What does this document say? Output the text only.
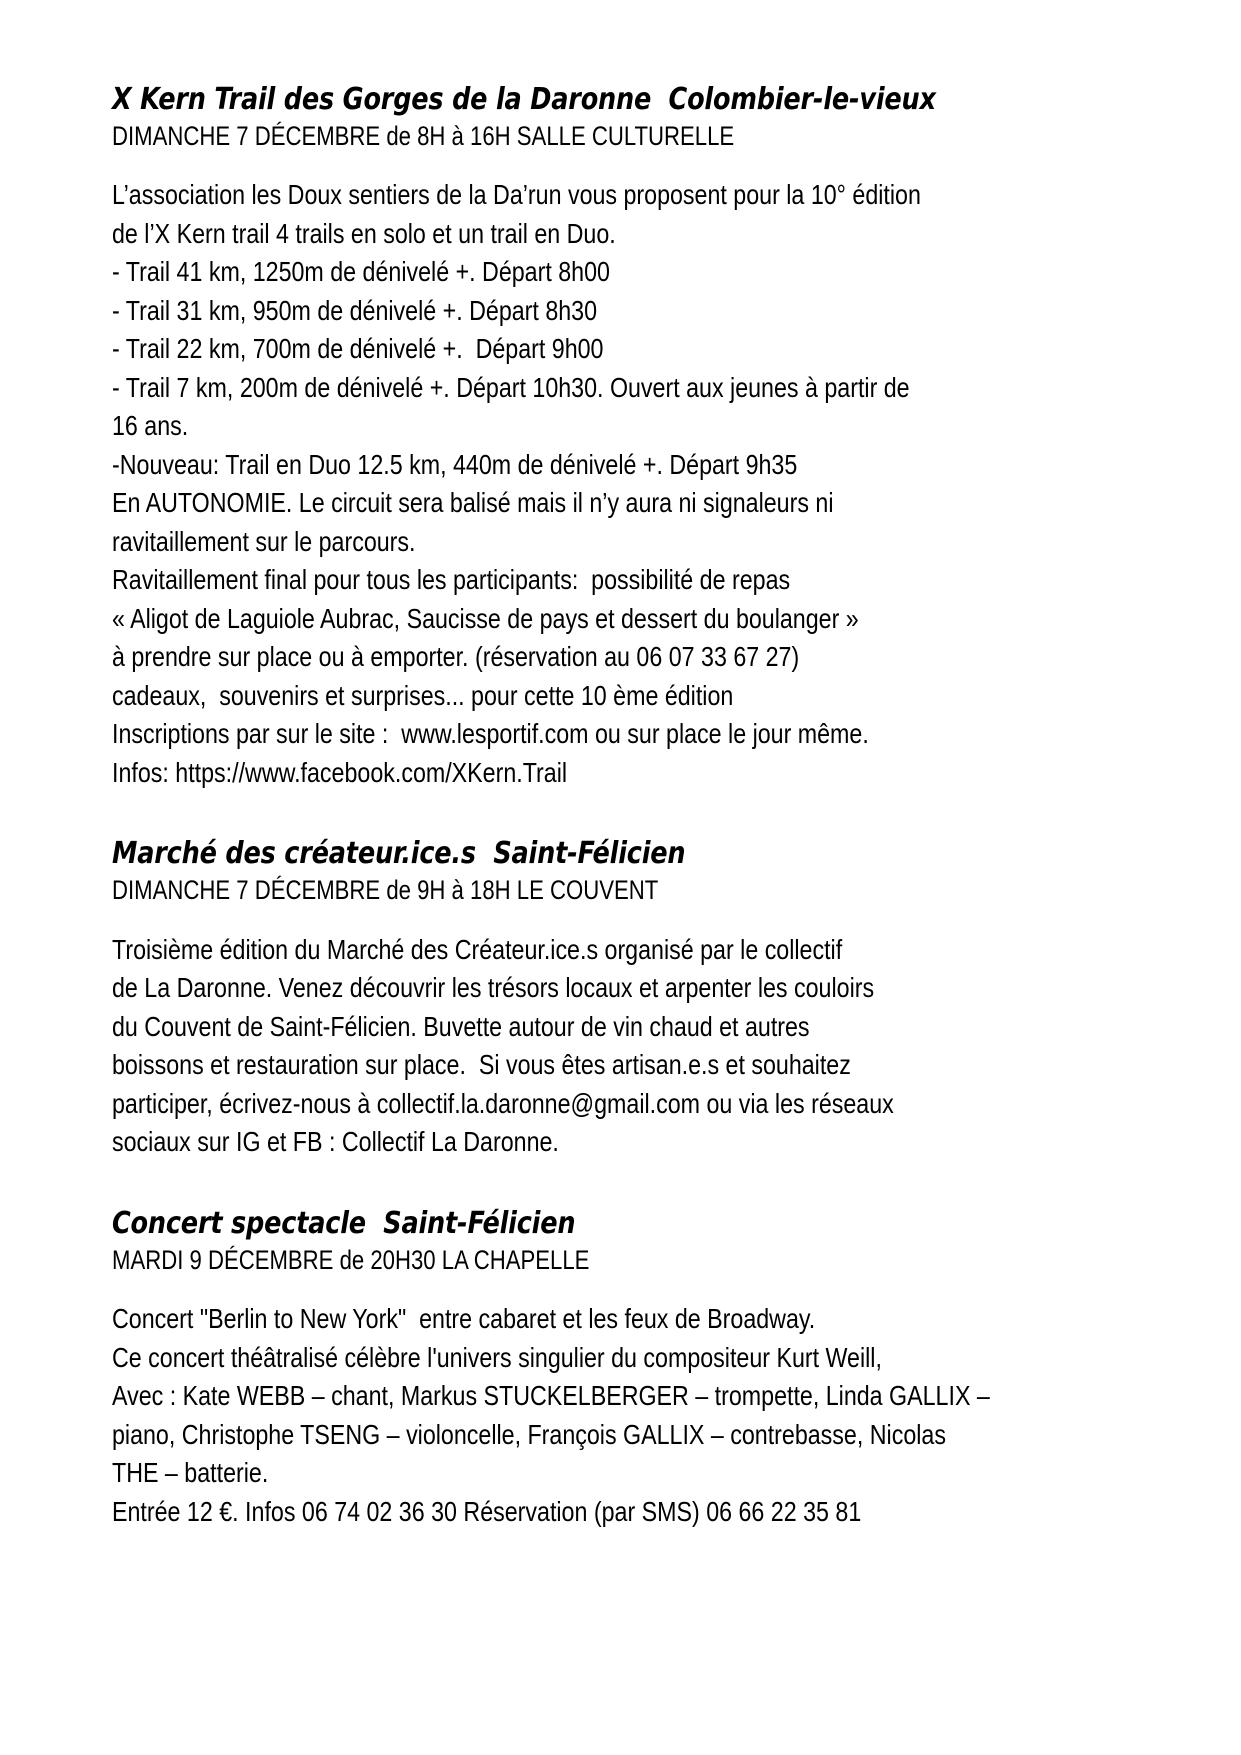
X Kern Trail des Gorges de la Daronne  Colombier-le-vieux
DIMANCHE 7 DÉCEMBRE de 8H à 16H SALLE CULTURELLE

L’association les Doux sentiers de la Da’run vous proposent pour la 10° édition

de l’X Kern trail 4 trails en solo et un trail en Duo.

- Trail 41 km, 1250m de dénivelé +. Départ 8h00

- Trail 31 km, 950m de dénivelé +. Départ 8h30

- Trail 22 km, 700m de dénivelé +.  Départ 9h00

- Trail 7 km, 200m de dénivelé +. Départ 10h30. Ouvert aux jeunes à partir de

16 ans.

-Nouveau: Trail en Duo 12.5 km, 440m de dénivelé +. Départ 9h35

En AUTONOMIE. Le circuit sera balisé mais il n’y aura ni signaleurs ni

ravitaillement sur le parcours.

Ravitaillement final pour tous les participants:  possibilité de repas

« Aligot de Laguiole Aubrac, Saucisse de pays et dessert du boulanger »

à prendre sur place ou à emporter. (réservation au 06 07 33 67 27)

cadeaux,  souvenirs et surprises... pour cette 10 ème édition

Inscriptions par sur le site :  www.lesportif.com ou sur place le jour même.

Infos: https://www.facebook.com/XKern.Trail

Marché des créateur.ice.s  Saint-Félicien
DIMANCHE 7 DÉCEMBRE de 9H à 18H LE COUVENT

Troisième édition du Marché des Créateur.ice.s organisé par le collectif

de La Daronne. Venez découvrir les trésors locaux et arpenter les couloirs

du Couvent de Saint-Félicien. Buvette autour de vin chaud et autres

boissons et restauration sur place.  Si vous êtes artisan.e.s et souhaitez

participer, écrivez-nous à collectif.la.daronne@gmail.com ou via les réseaux

sociaux sur IG et FB : Collectif La Daronne.

Concert spectacle  Saint-Félicien
MARDI 9 DÉCEMBRE de 20H30 LA CHAPELLE

Concert "Berlin to New York"  entre cabaret et les feux de Broadway.

Ce concert théâtralisé célèbre l'univers singulier du compositeur Kurt Weill,

Avec : Kate WEBB – chant, Markus STUCKELBERGER – trompette, Linda GALLIX –

piano, Christophe TSENG – violoncelle, François GALLIX – contrebasse, Nicolas

THE – batterie.

Entrée 12 €. Infos 06 74 02 36 30 Réservation (par SMS) 06 66 22 35 81
